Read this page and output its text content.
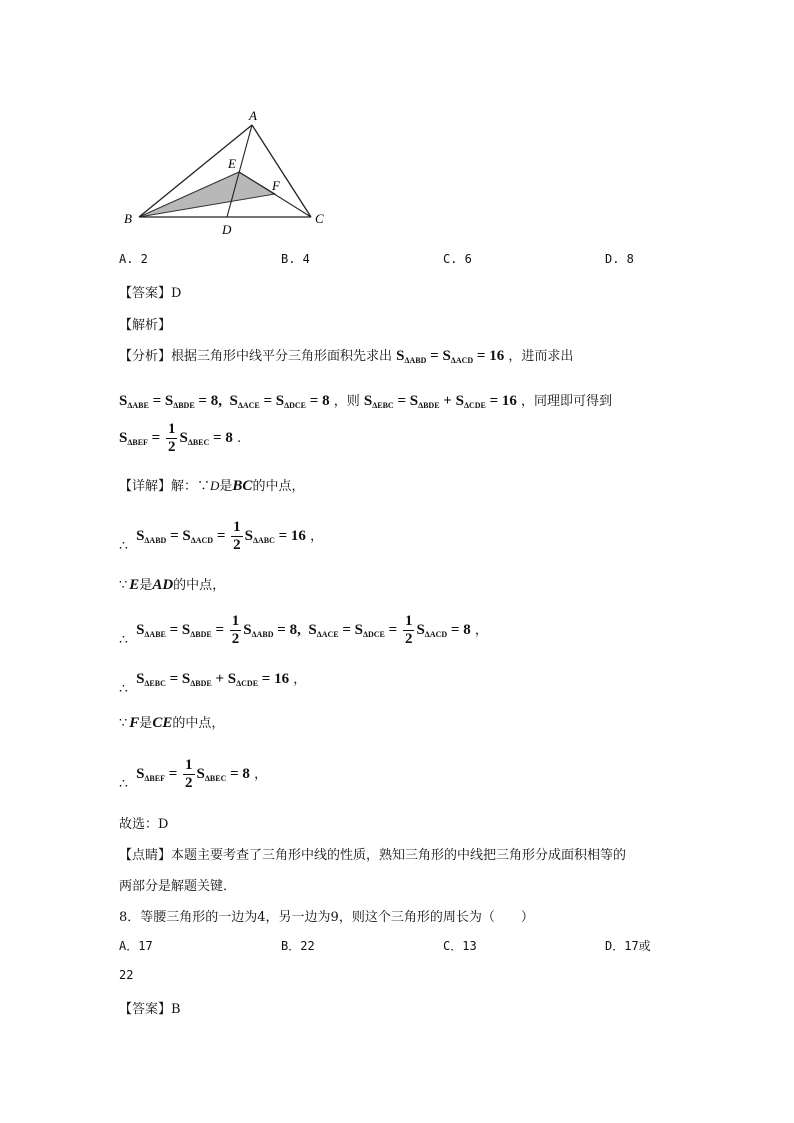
A
B	C
D
E
F
A. 2	B. 4	C. 6	D. 8
【答案】D
【解析】
【分析】根据三角形中线平分三角形面积先求出 $S_{\Delta ABD} = S_{\Delta ACD} = 16$ ，进而求出
$S_{\Delta ABE} = S_{\Delta BDE} = 8$,  $S_{\Delta ACE} = S_{\Delta DCE} = 8$ ，则 $S_{\Delta EBC} = S_{\Delta BDE} + S_{\Delta CDE} = 16$ ，同理即可得到
$S_{\Delta BEF} = \frac{1}{2} S_{\Delta BEC} = 8$ .
【详解】解：∵D是BC的中点，
∴ $S_{\Delta ABD} = S_{\Delta ACD} = \frac{1}{2} S_{\Delta ABC} = 16$ ，
∵ E是AD的中点，
∴ $S_{\Delta ABE} = S_{\Delta BDE} = \frac{1}{2} S_{\Delta ABD} = 8$,  $S_{\Delta ACE} = S_{\Delta DCE} = \frac{1}{2} S_{\Delta ACD} = 8$ ，
∴ $S_{\Delta EBC} = S_{\Delta BDE} + S_{\Delta CDE} = 16$ ，
∵ F是CE的中点，
∴ $S_{\Delta BEF} = \frac{1}{2} S_{\Delta BEC} = 8$ ，
故选：D
【点睛】本题主要考查了三角形中线的性质，熟知三角形的中线把三角形分成面积相等的
两部分是解题关键．
8．等腰三角形的一边为4，另一边为9，则这个三角形的周长为（　　）
A．17	B．22	C．13	D．17或
22
【答案】B
